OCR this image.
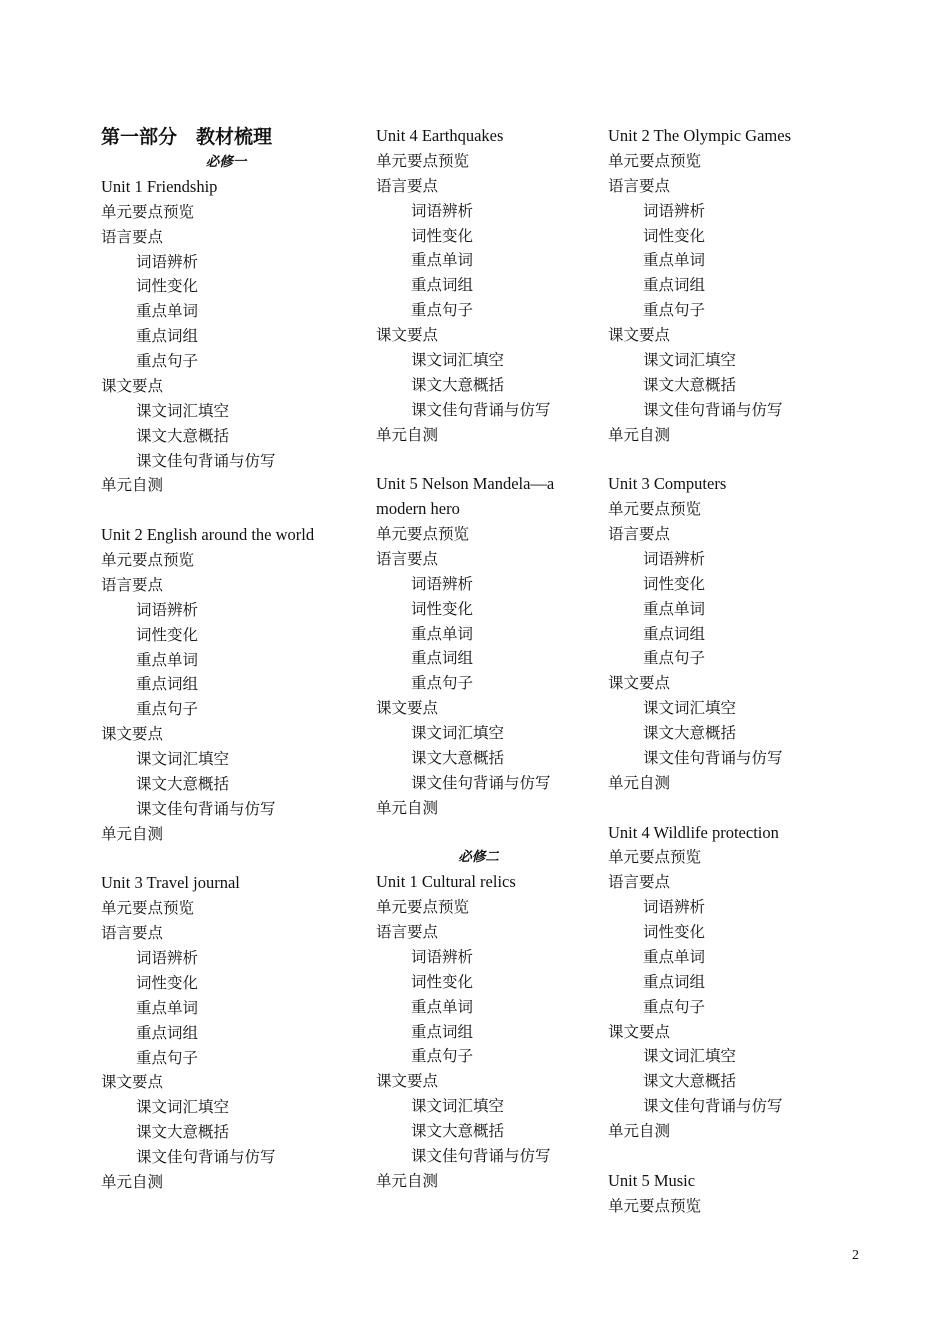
第一部分　教材梳理
必修一
Unit 1 Friendship
单元要点预览
语言要点
词语辨析
词性变化
重点单词
重点词组
重点句子
课文要点
课文词汇填空
课文大意概括
课文佳句背诵与仿写
单元自测
Unit 2 English around the world
单元要点预览
语言要点
词语辨析
词性变化
重点单词
重点词组
重点句子
课文要点
课文词汇填空
课文大意概括
课文佳句背诵与仿写
单元自测
Unit 3 Travel journal
单元要点预览
语言要点
词语辨析
词性变化
重点单词
重点词组
重点句子
课文要点
课文词汇填空
课文大意概括
课文佳句背诵与仿写
单元自测
Unit 4 Earthquakes
单元要点预览
语言要点
词语辨析
词性变化
重点单词
重点词组
重点句子
课文要点
课文词汇填空
课文大意概括
课文佳句背诵与仿写
单元自测
Unit 5 Nelson Mandela—a modern hero
单元要点预览
语言要点
词语辨析
词性变化
重点单词
重点词组
重点句子
课文要点
课文词汇填空
课文大意概括
课文佳句背诵与仿写
单元自测
必修二
Unit 1 Cultural relics
单元要点预览
语言要点
词语辨析
词性变化
重点单词
重点词组
重点句子
课文要点
课文词汇填空
课文大意概括
课文佳句背诵与仿写
单元自测
Unit 2 The Olympic Games
单元要点预览
语言要点
词语辨析
词性变化
重点单词
重点词组
重点句子
课文要点
课文词汇填空
课文大意概括
课文佳句背诵与仿写
单元自测
Unit 3 Computers
单元要点预览
语言要点
词语辨析
词性变化
重点单词
重点词组
重点句子
课文要点
课文词汇填空
课文大意概括
课文佳句背诵与仿写
单元自测
Unit 4 Wildlife protection
单元要点预览
语言要点
词语辨析
词性变化
重点单词
重点词组
重点句子
课文要点
课文词汇填空
课文大意概括
课文佳句背诵与仿写
单元自测
Unit 5 Music
单元要点预览
2
